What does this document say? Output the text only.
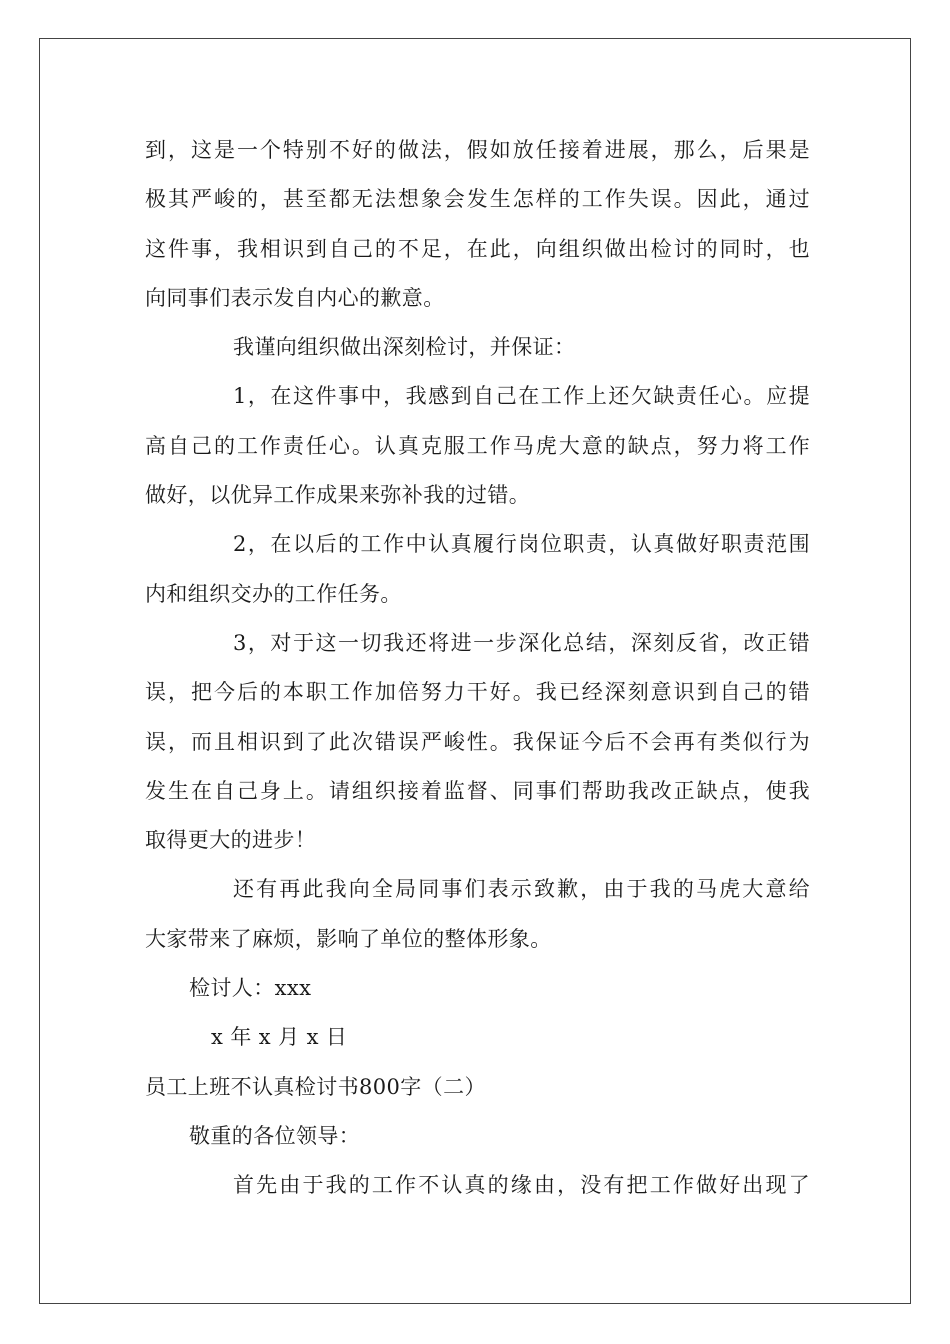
到，这是一个特别不好的做法，假如放任接着进展，那么，后果是
极其严峻的，甚至都无法想象会发生怎样的工作失误。因此，通过
这件事，我相识到自己的不足，在此，向组织做出检讨的同时，也
向同事们表示发自内心的歉意。
我谨向组织做出深刻检讨，并保证：
1，在这件事中，我感到自己在工作上还欠缺责任心。应提
高自己的工作责任心。认真克服工作马虎大意的缺点，努力将工作
做好，以优异工作成果来弥补我的过错。
2，在以后的工作中认真履行岗位职责，认真做好职责范围
内和组织交办的工作任务。
3，对于这一切我还将进一步深化总结，深刻反省，改正错
误，把今后的本职工作加倍努力干好。我已经深刻意识到自己的错
误，而且相识到了此次错误严峻性。我保证今后不会再有类似行为
发生在自己身上。请组织接着监督、同事们帮助我改正缺点，使我
取得更大的进步！
还有再此我向全局同事们表示致歉，由于我的马虎大意给
大家带来了麻烦，影响了单位的整体形象。
检讨人：xxx
x 年 x 月 x 日
员工上班不认真检讨书800字（二）
敬重的各位领导：
首先由于我的工作不认真的缘由，没有把工作做好出现了
